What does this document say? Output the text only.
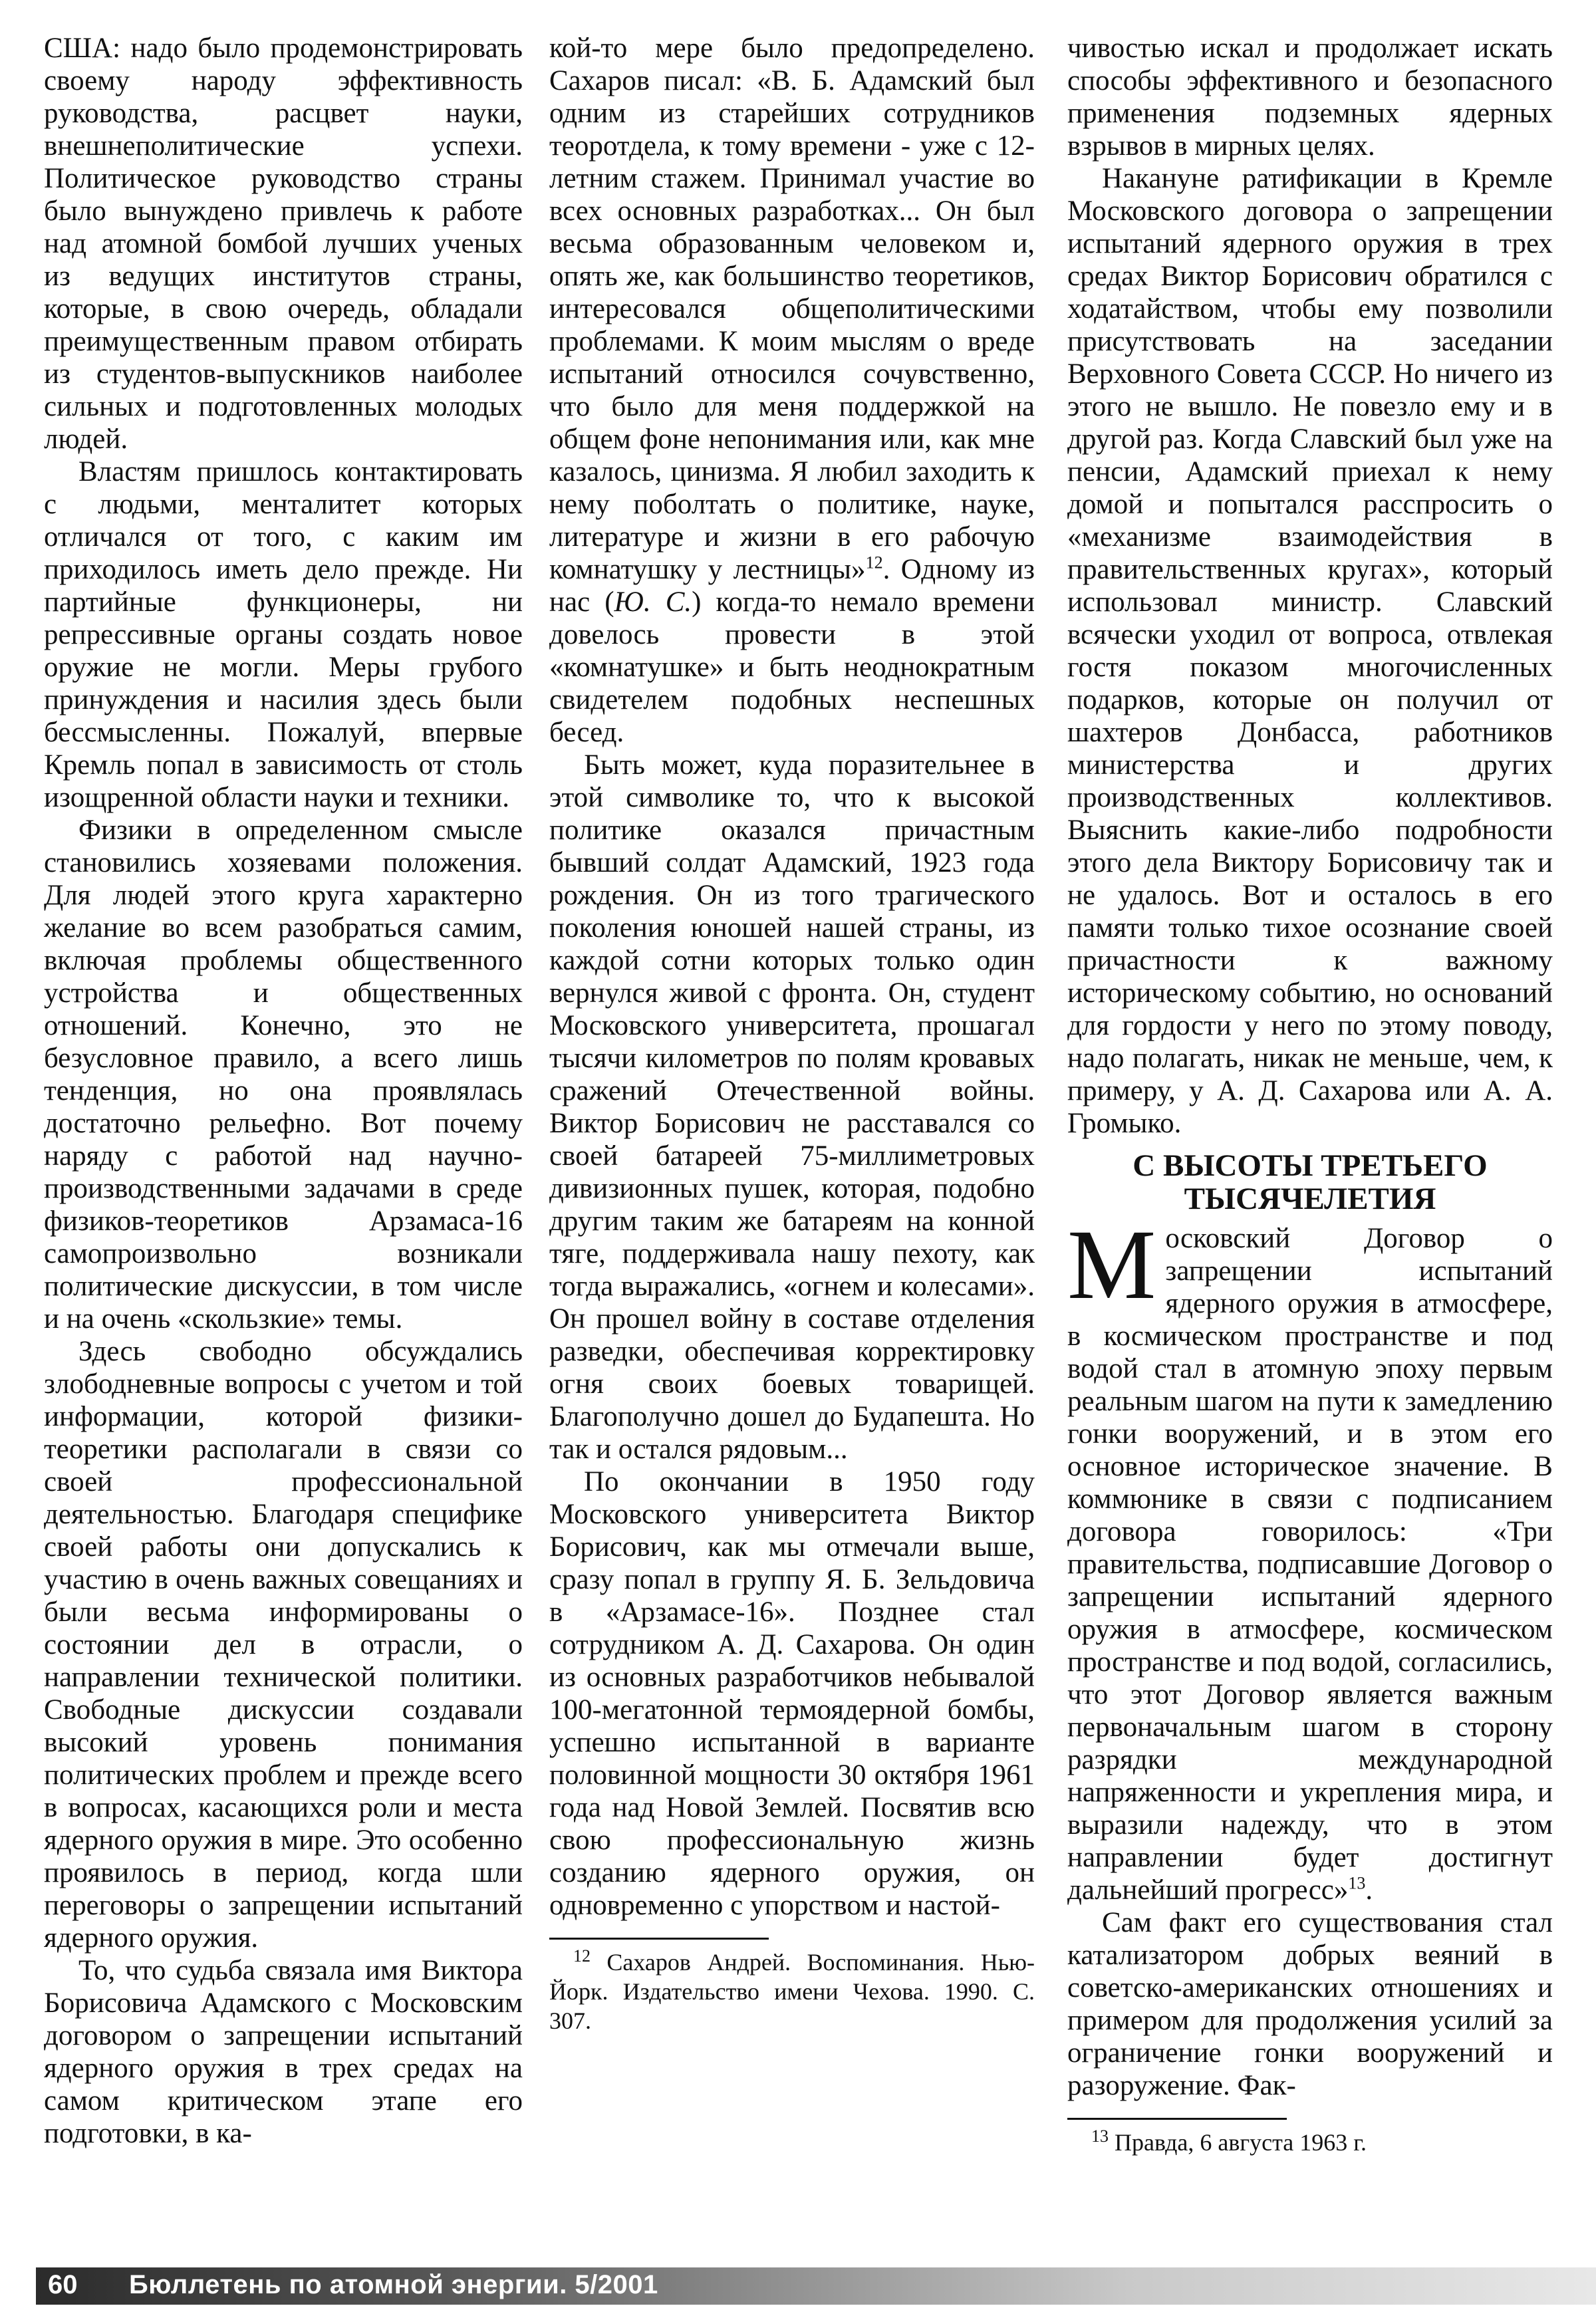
США: надо было продемонстрировать своему народу эффективность руководства, расцвет науки, внешнеполитические успехи. Политическое руководство страны было вынуждено привлечь к работе над атомной бомбой лучших ученых из ведущих институтов страны, которые, в свою очередь, обладали преимущественным правом отбирать из студентов-выпускников наиболее сильных и подготовленных молодых людей.

Властям пришлось контактировать с людьми, менталитет которых отличался от того, с каким им приходилось иметь дело прежде. Ни партийные функционеры, ни репрессивные органы создать новое оружие не могли. Меры грубого принуждения и насилия здесь были бессмысленны. Пожалуй, впервые Кремль попал в зависимость от столь изощренной области науки и техники.

Физики в определенном смысле становились хозяевами положения. Для людей этого круга характерно желание во всем разобраться самим, включая проблемы общественного устройства и общественных отношений. Конечно, это не безусловное правило, а всего лишь тенденция, но она проявлялась достаточно рельефно. Вот почему наряду с работой над научно-производственными задачами в среде физиков-теоретиков Арзамаса-16 самопроизвольно возникали политические дискуссии, в том числе и на очень «скользкие» темы.

Здесь свободно обсуждались злободневные вопросы с учетом и той информации, которой физики-теоретики располагали в связи со своей профессиональной деятельностью. Благодаря специфике своей работы они допускались к участию в очень важных совещаниях и были весьма информированы о состоянии дел в отрасли, о направлении технической политики. Свободные дискуссии создавали высокий уровень понимания политических проблем и прежде всего в вопросах, касающихся роли и места ядерного оружия в мире. Это особенно проявилось в период, когда шли переговоры о запрещении испытаний ядерного оружия.

То, что судьба связала имя Виктора Борисовича Адамского с Московским договором о запрещении испытаний ядерного оружия в трех средах на самом критическом этапе его подготовки, в ка-

кой-то мере было предопределено. Сахаров писал: «В. Б. Адамский был одним из старейших сотрудников теоротдела, к тому времени - уже с 12-летним стажем. Принимал участие во всех основных разработках... Он был весьма образованным человеком и, опять же, как большинство теоретиков, интересовался общеполитическими проблемами. К моим мыслям о вреде испытаний относился сочувственно, что было для меня поддержкой на общем фоне непонимания или, как мне казалось, цинизма. Я любил заходить к нему поболтать о политике, науке, литературе и жизни в его рабочую комнатушку у лестницы»$^{12}$. Одному из нас (Ю. С.) когда-то немало времени довелось провести в этой «комнатушке» и быть неоднократным свидетелем подобных неспешных бесед.

Быть может, куда поразительнее в этой символике то, что к высокой политике оказался причастным бывший солдат Адамский, 1923 года рождения. Он из того трагического поколения юношей нашей страны, из каждой сотни которых только один вернулся живой с фронта. Он, студент Московского университета, прошагал тысячи километров по полям кровавых сражений Отечественной войны. Виктор Борисович не расставался со своей батареей 75-миллиметровых дивизионных пушек, которая, подобно другим таким же батареям на конной тяге, поддерживала нашу пехоту, как тогда выражались, «огнем и колесами». Он прошел войну в составе отделения разведки, обеспечивая корректировку огня своих боевых товарищей. Благополучно дошел до Будапешта. Но так и остался рядовым...

По окончании в 1950 году Московского университета Виктор Борисович, как мы отмечали выше, сразу попал в группу Я. Б. Зельдовича в «Арзамасе-16». Позднее стал сотрудником А. Д. Сахарова. Он один из основных разработчиков небывалой 100-мегатонной термоядерной бомбы, успешно испытанной в варианте половинной мощности 30 октября 1961 года над Новой Землей. Посвятив всю свою профессиональную жизнь созданию ядерного оружия, он одновременно с упорством и настой-

$^{12}$ Сахаров Андрей. Воспоминания. Нью-Йорк. Издательство имени Чехова. 1990. С. 307.

чивостью искал и продолжает искать способы эффективного и безопасного применения подземных ядерных взрывов в мирных целях.

Накануне ратификации в Кремле Московского договора о запрещении испытаний ядерного оружия в трех средах Виктор Борисович обратился с ходатайством, чтобы ему позволили присутствовать на заседании Верховного Совета СССР. Но ничего из этого не вышло. Не повезло ему и в другой раз. Когда Славский был уже на пенсии, Адамский приехал к нему домой и попытался расспросить о «механизме взаимодействия в правительственных кругах», который использовал министр. Славский всячески уходил от вопроса, отвлекая гостя показом многочисленных подарков, которые он получил от шахтеров Донбасса, работников министерства и других производственных коллективов. Выяснить какие-либо подробности этого дела Виктору Борисовичу так и не удалось. Вот и осталось в его памяти только тихое осознание своей причастности к важному историческому событию, но оснований для гордости у него по этому поводу, надо полагать, никак не меньше, чем, к примеру, у А. Д. Сахарова или А. А. Громыко.

С ВЫСОТЫ ТРЕТЬЕГО
ТЫСЯЧЕЛЕТИЯ

Московский Договор о запрещении испытаний ядерного оружия в атмосфере, в космическом пространстве и под водой стал в атомную эпоху первым реальным шагом на пути к замедлению гонки вооружений, и в этом его основное историческое значение. В коммюнике в связи с подписанием договора говорилось: «Три правительства, подписавшие Договор о запрещении испытаний ядерного оружия в атмосфере, космическом пространстве и под водой, согласились, что этот Договор является важным первоначальным шагом в сторону разрядки международной напряженности и укрепления мира, и выразили надежду, что в этом направлении будет достигнут дальнейший прогресс»$^{13}$.

Сам факт его существования стал катализатором добрых веяний в советско-американских отношениях и примером для продолжения усилий за ограничение гонки вооружений и разоружение. Фак-

$^{13}$ Правда, 6 августа 1963 г.
60 Бюллетень по атомной энергии. 5/2001
